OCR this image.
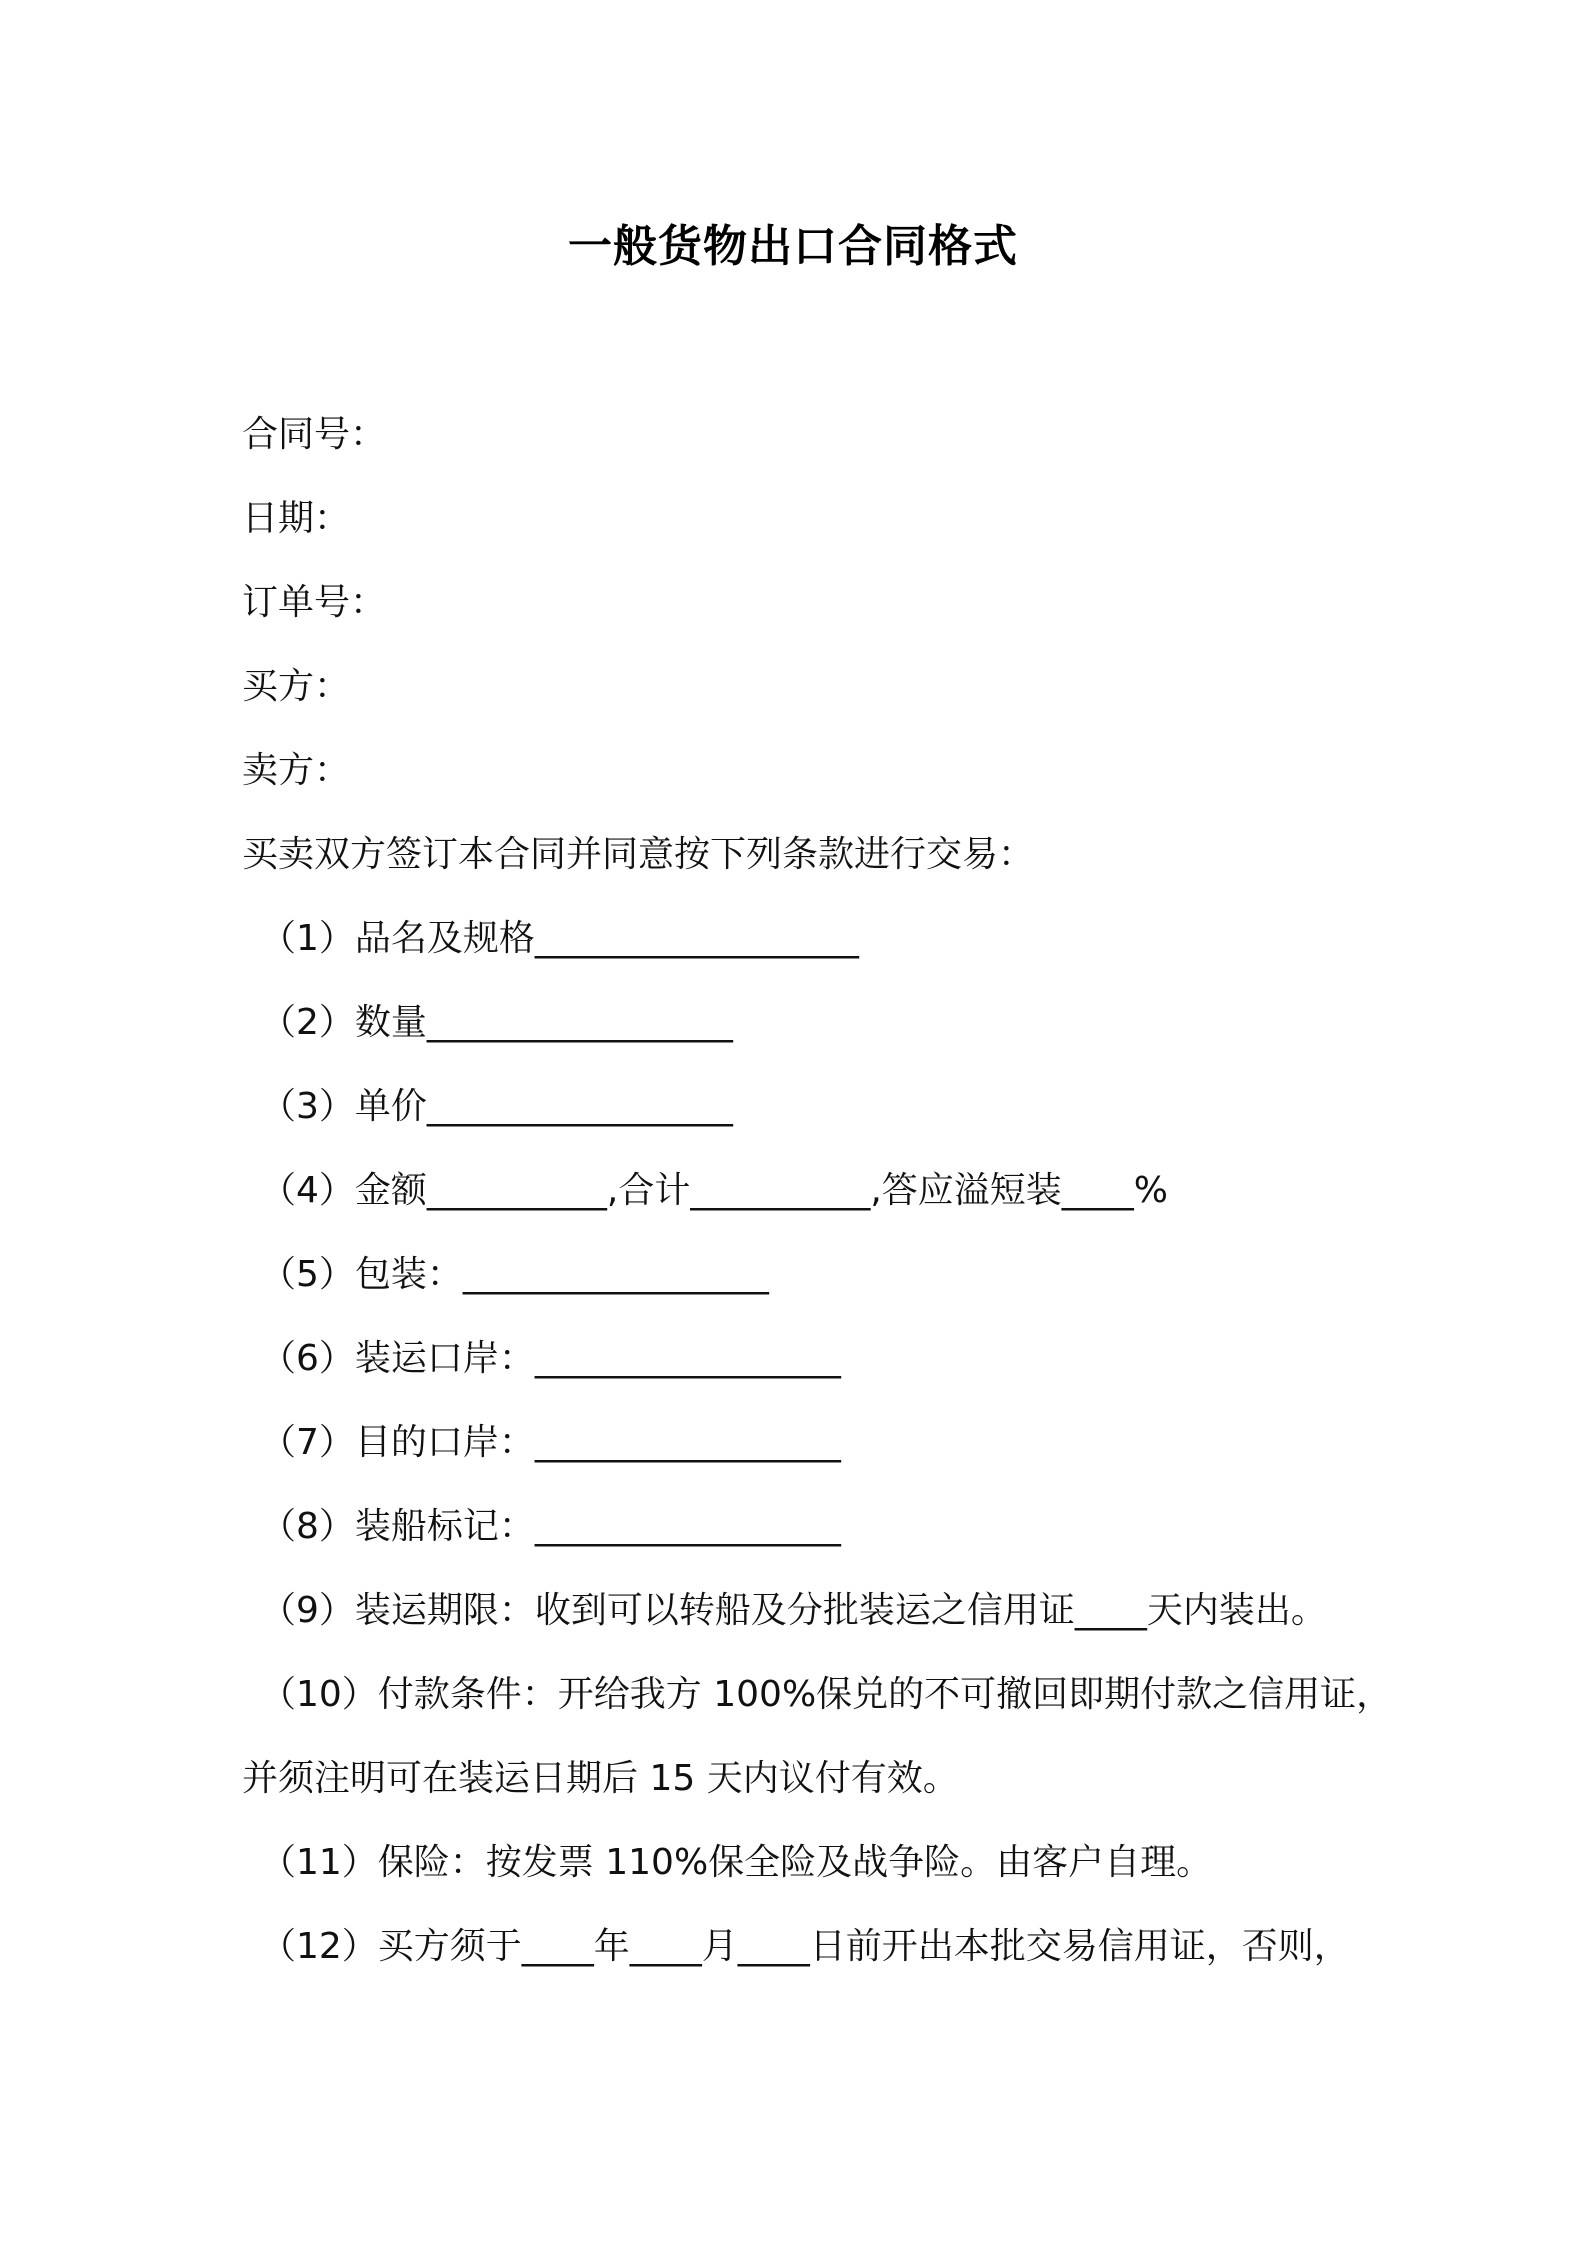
一般货物出口合同格式
合同号：
日期：
订单号：
买方：
卖方：
买卖双方签订本合同并同意按下列条款进行交易：
（1）品名及规格__________________
（2）数量_________________
（3）单价_________________
（4）金额__________,合计__________,答应溢短装____%
（5）包装：_________________
（6）装运口岸：_________________
（7）目的口岸：_________________
（8）装船标记：_________________
（9）装运期限：收到可以转船及分批装运之信用证____天内装出。
（10）付款条件：开给我方 100%保兑的不可撤回即期付款之信用证，
并须注明可在装运日期后 15 天内议付有效。
（11）保险：按发票 110%保全险及战争险。由客户自理。
（12）买方须于____年____月____日前开出本批交易信用证，否则，
